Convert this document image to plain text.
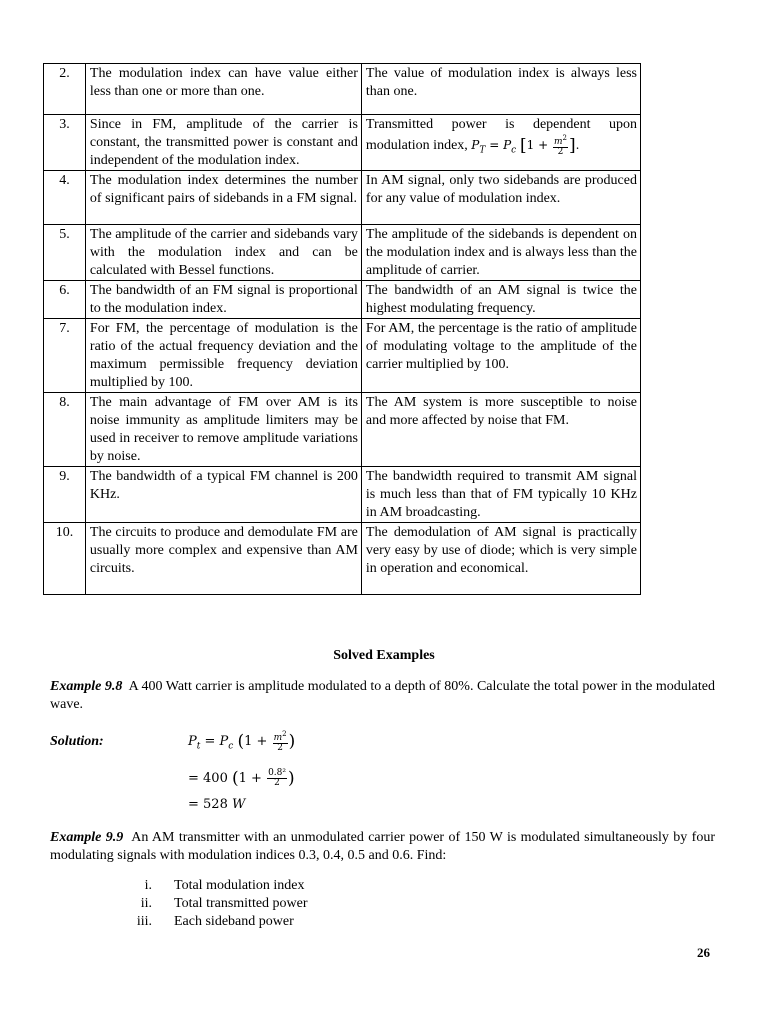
2.	The modulation index can have value either less than one or more than one.	The value of modulation index is always less than one.
3.	Since in FM, amplitude of the carrier is constant, the transmitted power is constant and independent of the modulation index.	Transmitted power is dependent upon modulation index, $P_T = P_c$ [$1 + \frac{m^2}{2}$ ].
4.	The modulation index determines the number of significant pairs of sidebands in a FM signal.	In AM signal, only two sidebands are produced for any value of modulation index.
5.	The amplitude of the carrier and sidebands vary with the modulation index and can be calculated with Bessel functions.	The amplitude of the sidebands is dependent on the modulation index and is always less than the amplitude of carrier.
6.	The bandwidth of an FM signal is proportional to the modulation index.	The bandwidth of an AM signal is twice the highest modulating frequency.
7.	For FM, the percentage of modulation is the ratio of the actual frequency deviation and the maximum permissible frequency deviation multiplied by 100.	For AM, the percentage is the ratio of amplitude of modulating voltage to the amplitude of the carrier multiplied by 100.
8.	The main advantage of FM over AM is its noise immunity as amplitude limiters may be used in receiver to remove amplitude variations by noise.	The AM system is more susceptible to noise and more affected by noise that FM.
9.	The bandwidth of a typical FM channel is 200 KHz.	The bandwidth required to transmit AM signal is much less than that of FM typically 10 KHz in AM broadcasting.
10.	The circuits to produce and demodulate FM are usually more complex and expensive than AM circuits.	The demodulation of AM signal is practically very easy by use of diode; which is very simple in operation and economical.
Solved Examples
Example 9.8 A 400 Watt carrier is amplitude modulated to a depth of 80%. Calculate the total power in the modulated wave.
Solution:	$P_t = P_c$ ($1 + \frac{m^2}{2}$ )
= 400 ($1 + \frac{\text{0.8²}}{2}$ )
= 528 W
Example 9.9 An AM transmitter with an unmodulated carrier power of 150 W is modulated simultaneously by four modulating signals with modulation indices 0.3, 0.4, 0.5 and 0.6. Find:
i. Total modulation index
ii. Total transmitted power
iii. Each sideband power
26
